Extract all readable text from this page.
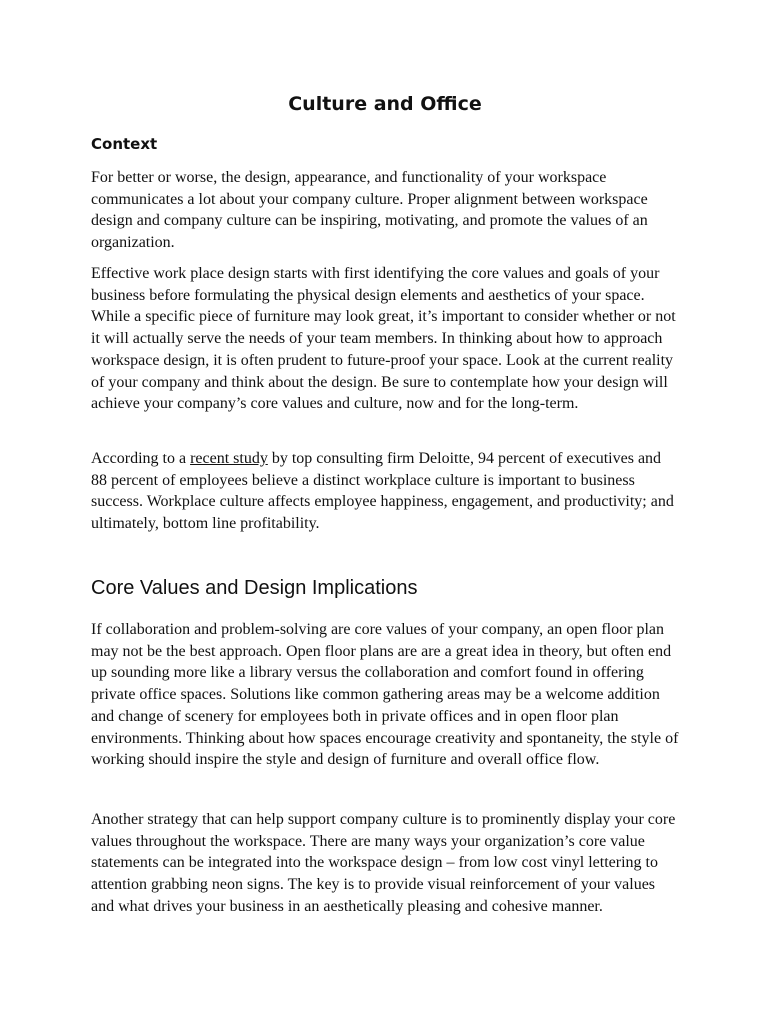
Culture and Office
Context

For better or worse, the design, appearance, and functionality of your workspace communicates a lot about your company culture. Proper alignment between workspace design and company culture can be inspiring, motivating, and promote the values of an organization.

Effective work place design starts with first identifying the core values and goals of your business before formulating the physical design elements and aesthetics of your space. While a specific piece of furniture may look great, it’s important to consider whether or not it will actually serve the needs of your team members. In thinking about how to approach workspace design, it is often prudent to future-proof your space. Look at the current reality of your company and think about the design. Be sure to contemplate how your design will achieve your company’s core values and culture, now and for the long-term.

According to a recent study by top consulting firm Deloitte, 94 percent of executives and 88 percent of employees believe a distinct workplace culture is important to business success. Workplace culture affects employee happiness, engagement, and productivity; and ultimately, bottom line profitability.

Core Values and Design Implications

If collaboration and problem-solving are core values of your company, an open floor plan may not be the best approach. Open floor plans are are a great idea in theory, but often end up sounding more like a library versus the collaboration and comfort found in offering private office spaces. Solutions like common gathering areas may be a welcome addition and change of scenery for employees both in private offices and in open floor plan environments. Thinking about how spaces encourage creativity and spontaneity, the style of working should inspire the style and design of furniture and overall office flow.

Another strategy that can help support company culture is to prominently display your core values throughout the workspace. There are many ways your organization’s core value statements can be integrated into the workspace design – from low cost vinyl lettering to attention grabbing neon signs. The key is to provide visual reinforcement of your values and what drives your business in an aesthetically pleasing and cohesive manner.
